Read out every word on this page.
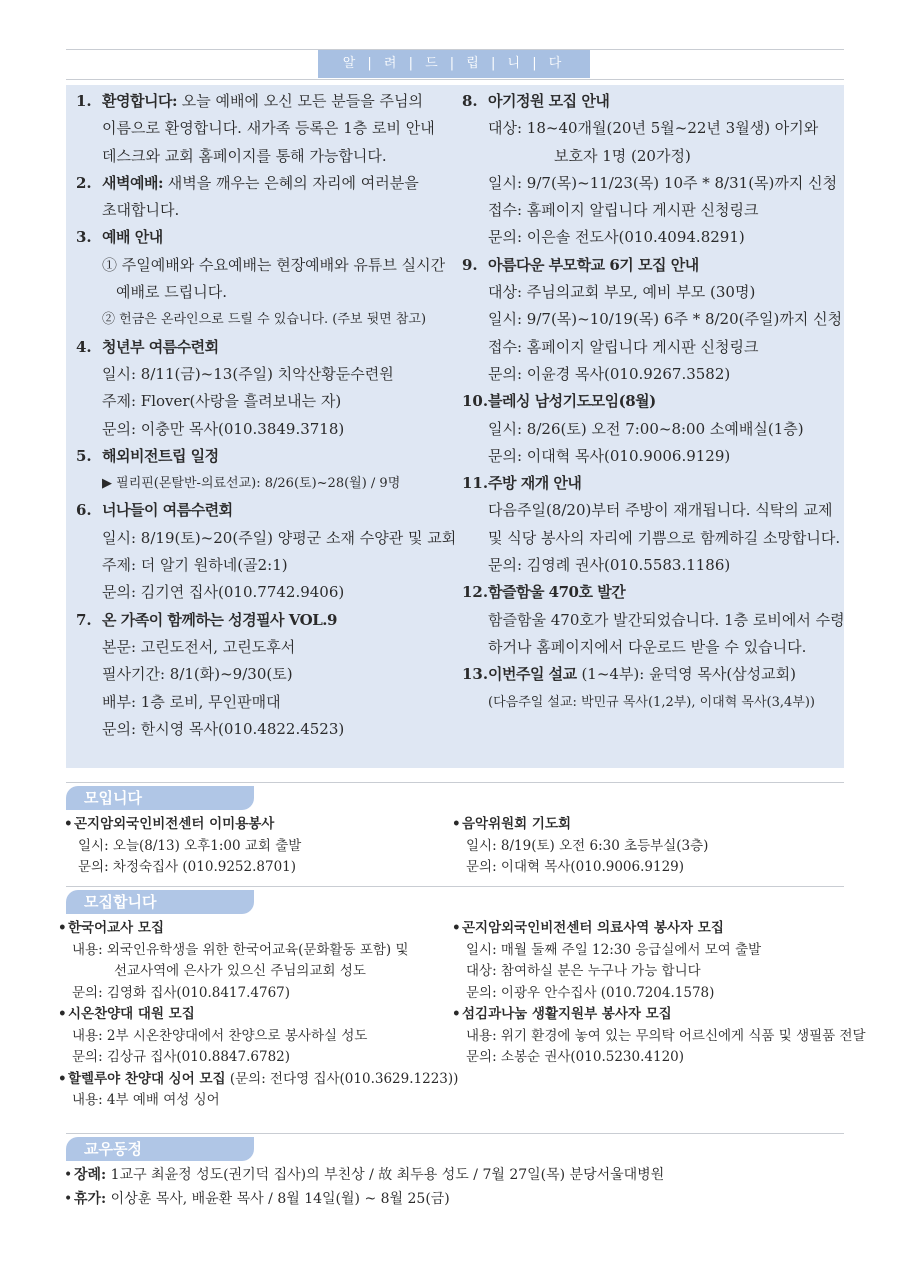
알 | 려 | 드 | 립 | 니 | 다
1. 환영합니다: 오늘 예배에 오신 모든 분들을 주님의
이름으로 환영합니다. 새가족 등록은 1층 로비 안내
데스크와 교회 홈페이지를 통해 가능합니다.
2. 새벽예배: 새벽을 깨우는 은혜의 자리에 여러분을
초대합니다.
3. 예배 안내
① 주일예배와 수요예배는 현장예배와 유튜브 실시간
예배로 드립니다.
② 헌금은 온라인으로 드릴 수 있습니다. (주보 뒷면 참고)
4. 청년부 여름수련회
일시: 8/11(금)~13(주일) 치악산황둔수련원
주제: Flover(사랑을 흘려보내는 자)
문의: 이충만 목사(010.3849.3718)
5. 해외비전트립 일정
▶ 필리핀(몬탈반-의료선교): 8/26(토)~28(월) / 9명
6. 너나들이 여름수련회
일시: 8/19(토)~20(주일) 양평군 소재 수양관 및 교회
주제: 더 알기 원하네(골2:1)
문의: 김기연 집사(010.7742.9406)
7. 온 가족이 함께하는 성경필사 VOL.9
본문: 고린도전서, 고린도후서
필사기간: 8/1(화)~9/30(토)
배부: 1층 로비, 무인판매대
문의: 한시영 목사(010.4822.4523)
8. 아기정원 모집 안내
대상: 18~40개월(20년 5월~22년 3월생) 아기와
보호자 1명 (20가정)
일시: 9/7(목)~11/23(목) 10주 * 8/31(목)까지 신청
접수: 홈페이지 알립니다 게시판 신청링크
문의: 이은솔 전도사(010.4094.8291)
9. 아름다운 부모학교 6기 모집 안내
대상: 주님의교회 부모, 예비 부모 (30명)
일시: 9/7(목)~10/19(목) 6주 * 8/20(주일)까지 신청
접수: 홈페이지 알립니다 게시판 신청링크
문의: 이윤경 목사(010.9267.3582)
10.블레싱 남성기도모임(8월)
일시: 8/26(토) 오전 7:00~8:00 소예배실(1층)
문의: 이대혁 목사(010.9006.9129)
11.주방 재개 안내
다음주일(8/20)부터 주방이 재개됩니다. 식탁의 교제
및 식당 봉사의 자리에 기쁨으로 함께하길 소망합니다.
문의: 김영례 권사(010.5583.1186)
12.함즐함울 470호 발간
함즐함울 470호가 발간되었습니다. 1층 로비에서 수령
하거나 홈페이지에서 다운로드 받을 수 있습니다.
13.이번주일 설교 (1~4부): 윤덕영 목사(삼성교회)
(다음주일 설교: 박민규 목사(1,2부), 이대혁 목사(3,4부))
모입니다
•곤지암외국인비전센터 이미용봉사
일시: 오늘(8/13) 오후1:00 교회 출발
문의: 차정숙집사 (010.9252.8701)
•음악위원회 기도회
일시: 8/19(토) 오전 6:30 초등부실(3층)
문의: 이대혁 목사(010.9006.9129)
모집합니다
•한국어교사 모집
내용: 외국인유학생을 위한 한국어교육(문화활동 포함) 및
선교사역에 은사가 있으신 주님의교회 성도
문의: 김영화 집사(010.8417.4767)
•시온찬양대 대원 모집
내용: 2부 시온찬양대에서 찬양으로 봉사하실 성도
문의: 김상규 집사(010.8847.6782)
•할렐루야 찬양대 싱어 모집 (문의: 전다영 집사(010.3629.1223))
내용: 4부 예배 여성 싱어
•곤지암외국인비전센터 의료사역 봉사자 모집
일시: 매월 둘째 주일 12:30 응급실에서 모여 출발
대상: 참여하실 분은 누구나 가능 합니다
문의: 이광우 안수집사 (010.7204.1578)
•섬김과나눔 생활지원부 봉사자 모집
내용: 위기 환경에 놓여 있는 무의탁 어르신에게 식품 및 생필품 전달
문의: 소봉순 권사(010.5230.4120)
교우동정
• 장례: 1교구 최윤정 성도(권기덕 집사)의 부친상 / 故 최두용 성도 / 7월 27일(목) 분당서울대병원
• 휴가: 이상훈 목사, 배윤환 목사 / 8월 14일(월) ~ 8월 25(금)
